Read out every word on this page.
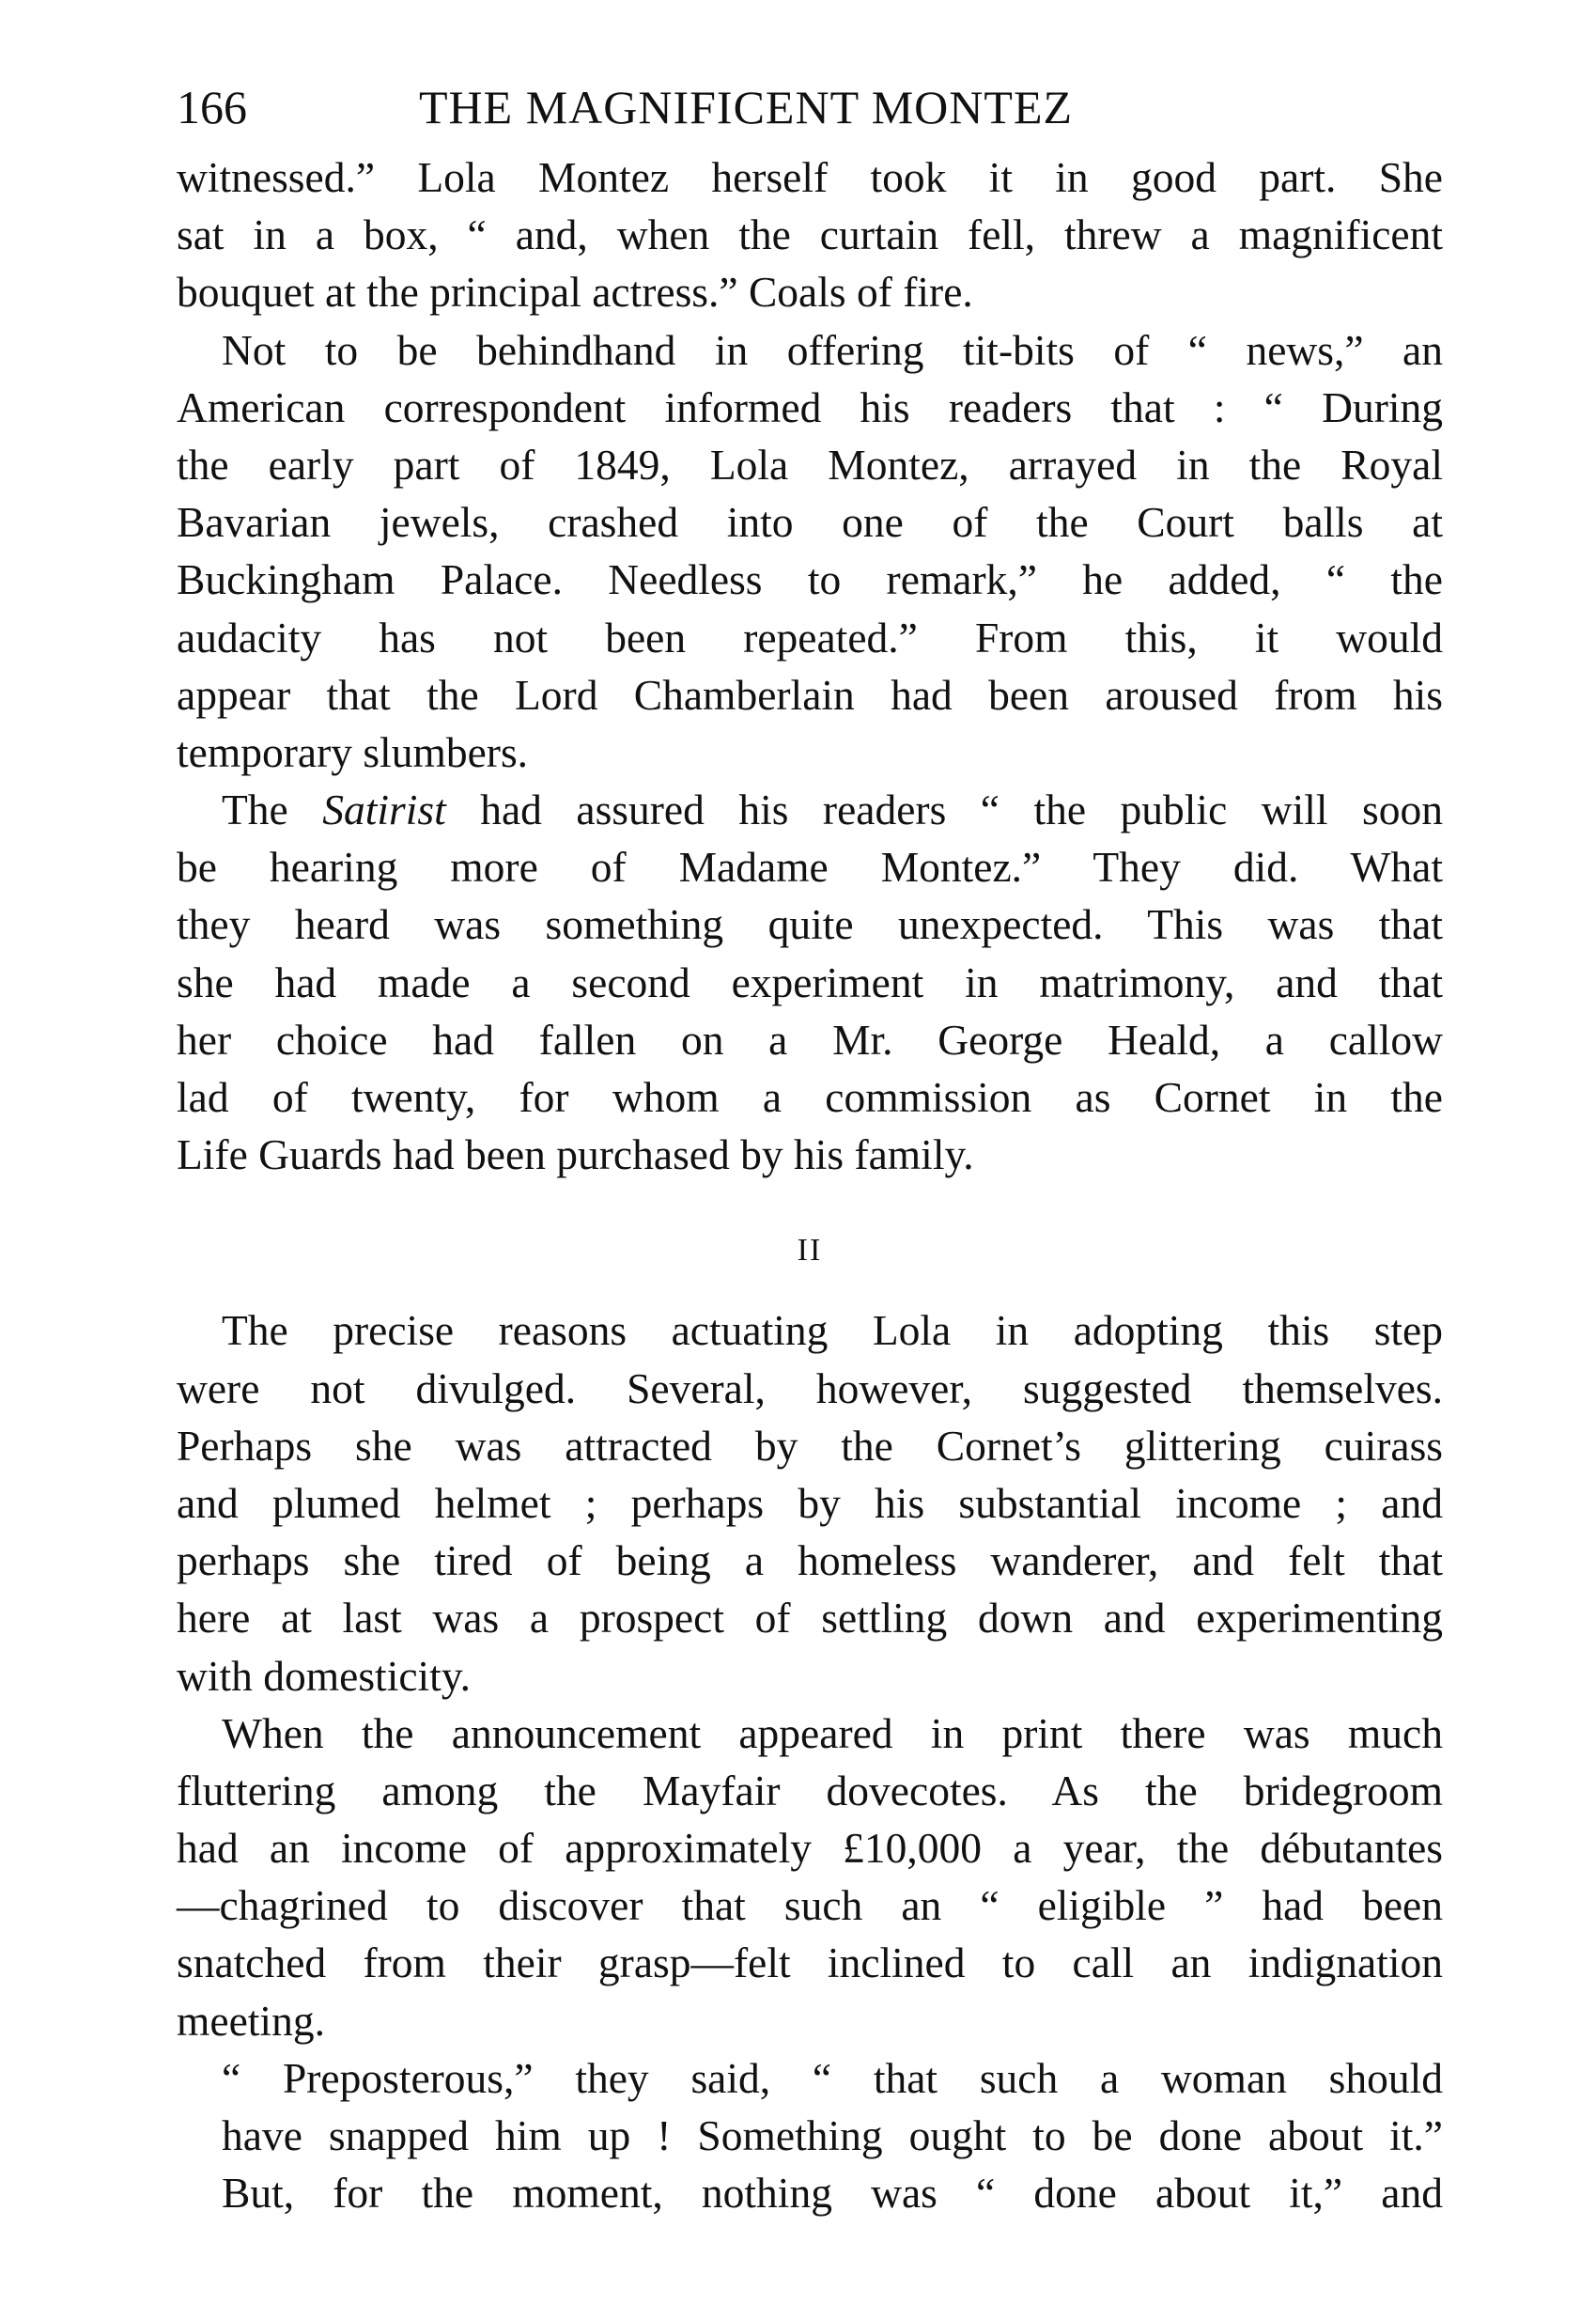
166	THE MAGNIFICENT MONTEZ
witnessed.” Lola Montez herself took it in good part. She
sat in a box, “ and, when the curtain fell, threw a magnificent
bouquet at the principal actress.” Coals of fire.
Not to be behindhand in offering tit-bits of “ news,” an
American correspondent informed his readers that : “ During
the early part of 1849, Lola Montez, arrayed in the Royal
Bavarian jewels, crashed into one of the Court balls at
Buckingham Palace. Needless to remark,” he added, “ the
audacity has not been repeated.” From this, it would
appear that the Lord Chamberlain had been aroused from his
temporary slumbers.
The Satirist had assured his readers “ the public will soon
be hearing more of Madame Montez.” They did. What
they heard was something quite unexpected. This was that
she had made a second experiment in matrimony, and that
her choice had fallen on a Mr. George Heald, a callow
lad of twenty, for whom a commission as Cornet in the
Life Guards had been purchased by his family.
II
The precise reasons actuating Lola in adopting this step
were not divulged. Several, however, suggested themselves.
Perhaps she was attracted by the Cornet’s glittering cuirass
and plumed helmet ; perhaps by his substantial income ; and
perhaps she tired of being a homeless wanderer, and felt that
here at last was a prospect of settling down and experimenting
with domesticity.
When the announcement appeared in print there was much
fluttering among the Mayfair dovecotes. As the bridegroom
had an income of approximately £10,000 a year, the débutantes
—chagrined to discover that such an “ eligible ” had been
snatched from their grasp—felt inclined to call an indignation
meeting.
“ Preposterous,” they said, “ that such a woman should
have snapped him up ! Something ought to be done about it.”
But, for the moment, nothing was “ done about it,” and
